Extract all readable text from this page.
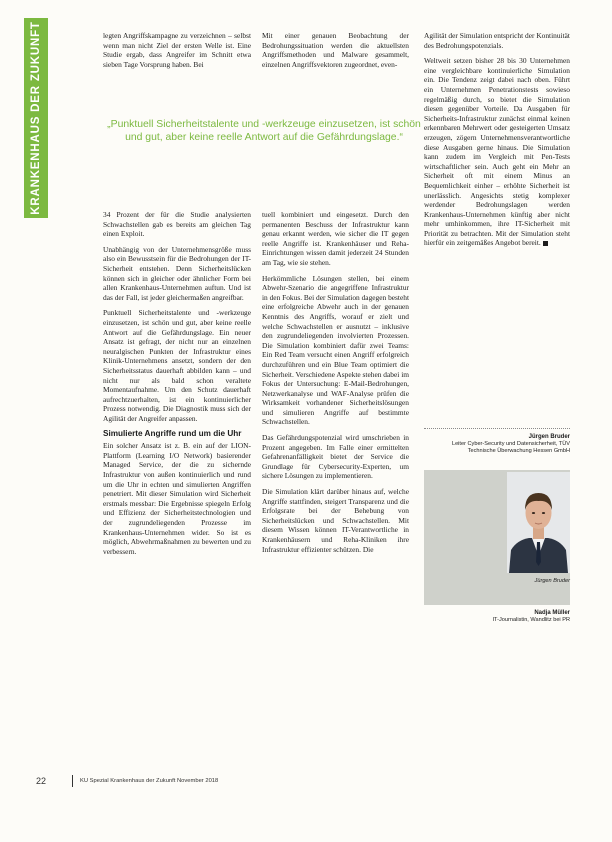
KRANKENHAUS DER ZUKUNFT	legten Angriffskampagne zu verzeichnen – selbst wenn man nicht Ziel der ersten Welle ist. Eine Studie ergab, dass Angreifer im Schnitt etwa sieben Tage Vorsprung haben. Bei

Mit einer genauen Beobachtung der Bedrohungssituation werden die aktuellsten Angriffsmethoden und Malware gesammelt, einzelnen Angriffsvektoren zugeordnet, even-

„Punktuell Sicherheitstalente und -werkzeuge einzusetzen, ist schön und gut, aber keine reelle Antwort auf die Gefährdungslage.“

34 Prozent der für die Studie analysierten Schwachstellen gab es bereits am gleichen Tag einen Exploit.

Unabhängig von der Unternehmensgröße muss also ein Bewusstsein für die Bedrohungen der IT-Sicherheit entstehen. Denn Sicherheitslücken können sich in gleicher oder ähnlicher Form bei allen Krankenhaus-Unternehmen auftun. Und ist das der Fall, ist jeder gleichermaßen angreifbar.

Punktuell Sicherheitstalente und -werkzeuge einzusetzen, ist schön und gut, aber keine reelle Antwort auf die Gefährdungslage. Ein neuer Ansatz ist gefragt, der nicht nur an einzelnen neuralgischen Punkten der Infrastruktur eines Klinik-Unternehmens ansetzt, sondern der den Sicherheitsstatus dauerhaft abbilden kann – und nicht nur als bald schon veraltete Momentaufnahme. Um den Schutz dauerhaft aufrechtzuerhalten, ist ein kontinuierlicher Prozess notwendig. Die Diagnostik muss sich der Agilität der Angreifer anpassen.

Simulierte Angriffe rund um die Uhr

Ein solcher Ansatz ist z. B. ein auf der LION-Plattform (Learning I/O Network) basierender Managed Service, der die zu sichernde Infrastruktur von außen kontinuierlich und rund um die Uhr in echten und simulierten Angriffen penetriert. Mit dieser Simulation wird Sicherheit erstmals messbar: Die Ergebnisse spiegeln Erfolg und Effizienz der Sicherheitstechnologien und der zugrundeliegenden Prozesse im Krankenhaus-Unternehmen wider. So ist es möglich, Abwehrmaßnahmen zu bewerten und zu verbessern.

tuell kombiniert und eingesetzt. Durch den permanenten Beschuss der Infrastruktur kann genau erkannt werden, wie sicher die IT gegen reelle Angriffe ist. Krankenhäuser und Reha-Einrichtungen wissen damit jederzeit 24 Stunden am Tag, wie sie stehen.

Herkömmliche Lösungen stellen, bei einem Abwehr-Szenario die angegriffene Infrastruktur in den Fokus. Bei der Simulation dagegen besteht eine erfolgreiche Abwehr auch in der genauen Kenntnis des Angriffs, worauf er zielt und welche Schwachstellen er ausnutzt – inklusive den zugrundeliegenden involvierten Prozessen. Die Simulation kombiniert dafür zwei Teams: Ein Red Team versucht einen Angriff erfolgreich durchzuführen und ein Blue Team optimiert die Sicherheit. Verschiedene Aspekte stehen dabei im Fokus der Untersuchung: E-Mail-Bedrohungen, Netzwerkanalyse und WAF-Analyse prüfen die Wirksamkeit vorhandener Sicherheitslösungen und simulieren Angriffe auf bestimmte Schwachstellen.

Das Gefährdungspotenzial wird umschrieben in Prozent angegeben. Im Falle einer ermittelten Gefahrenanfälligkeit bietet der Service die Grundlage für Cybersecurity-Experten, um sichere Lösungen zu implementieren.

Die Simulation klärt darüber hinaus auf, welche Angriffe stattfinden, steigert Transparenz und die Erfolgsrate bei der Behebung von Sicherheitslücken und Schwachstellen. Mit diesem Wissen können IT-Verantwortliche in Krankenhäusern und Reha-Kliniken ihre Infrastruktur effizienter schützen. Die

Agilität der Simulation entspricht der Kontinuität des Bedrohungspotenzials.

Weltweit setzen bisher 28 bis 30 Unternehmen eine vergleichbare kontinuierliche Simulation ein. Die Tendenz zeigt dabei nach oben. Führt ein Unternehmen Penetrationstests sowieso regelmäßig durch, so bietet die Simulation diesen gegenüber Vorteile. Da Ausgaben für Sicherheits-Infrastruktur zunächst einmal keinen erkennbaren Mehrwert oder gesteigerten Umsatz erzeugen, zögern Unternehmensverantwortliche diese Ausgaben gerne hinaus. Die Simulation kann zudem im Vergleich mit Pen-Tests wirtschaftlicher sein. Auch geht ein Mehr an Sicherheit oft mit einem Minus an Bequemlichkeit einher – erhöhte Sicherheit ist unerlässlich. Angesichts stetig komplexer werdender Bedrohungslagen werden Krankenhaus-Unternehmen künftig aber nicht mehr umhinkommen, ihre IT-Sicherheit mit Priorität zu betrachten. Mit der Simulation steht hierfür ein zeitgemäßes Angebot bereit.

Jürgen Bruder
Leiter Cyber-Security und Datensicherheit, TÜV Technische Überwachung Hessen GmbH
Jürgen Bruder
Nadja Müller
IT-Journalistin, Wandlitz bei PR
22	KU Spezial Krankenhaus der Zukunft November 2018
